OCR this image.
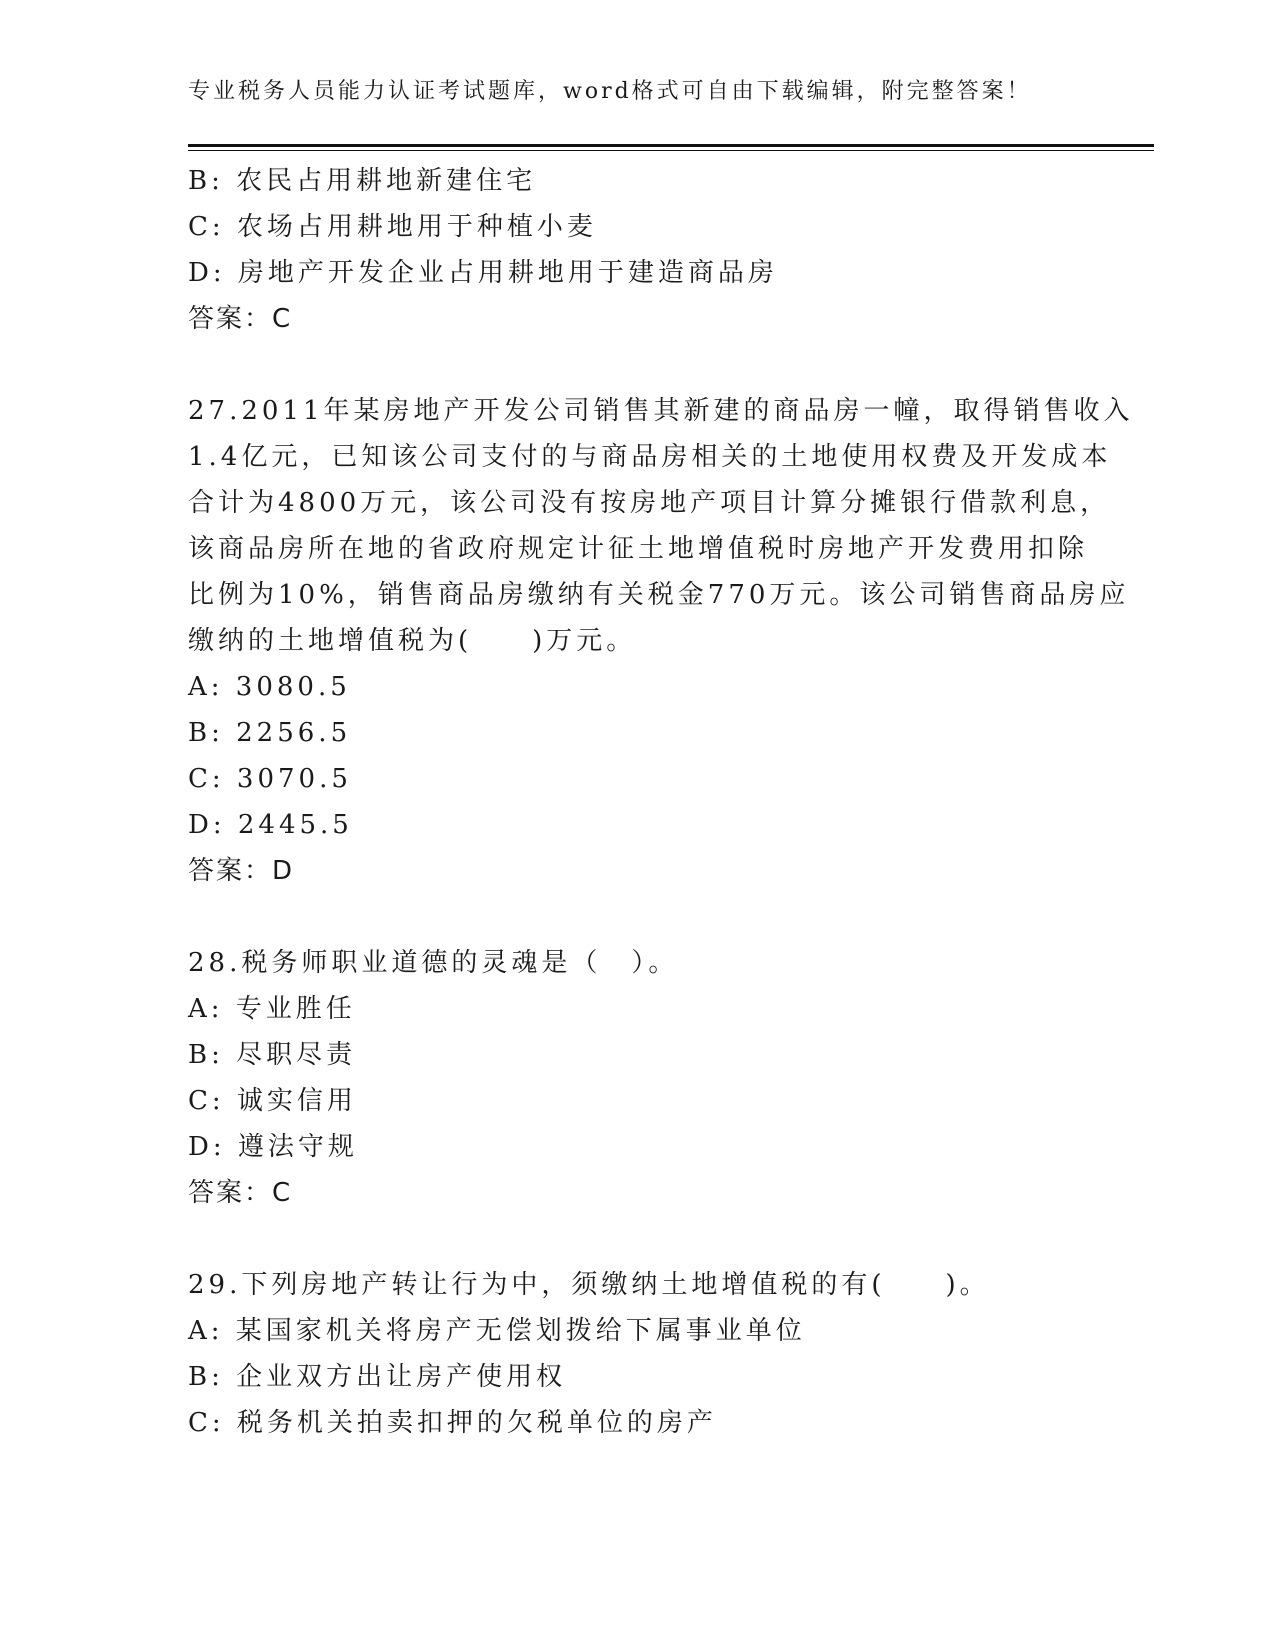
专业税务人员能力认证考试题库，word格式可自由下载编辑，附完整答案！
B: 农民占用耕地新建住宅
C: 农场占用耕地用于种植小麦
D: 房地产开发企业占用耕地用于建造商品房
答案：C
27.2011年某房地产开发公司销售其新建的商品房一幢，取得销售收入
1.4亿元，已知该公司支付的与商品房相关的土地使用权费及开发成本
合计为4800万元，该公司没有按房地产项目计算分摊银行借款利息，
该商品房所在地的省政府规定计征土地增值税时房地产开发费用扣除
比例为10%，销售商品房缴纳有关税金770万元。该公司销售商品房应
缴纳的土地增值税为(　　)万元。
A: 3080.5
B: 2256.5
C: 3070.5
D: 2445.5
答案：D
28.税务师职业道德的灵魂是（　）。
A: 专业胜任
B: 尽职尽责
C: 诚实信用
D: 遵法守规
答案：C
29.下列房地产转让行为中，须缴纳土地增值税的有(　　)。
A: 某国家机关将房产无偿划拨给下属事业单位
B: 企业双方出让房产使用权
C: 税务机关拍卖扣押的欠税单位的房产
